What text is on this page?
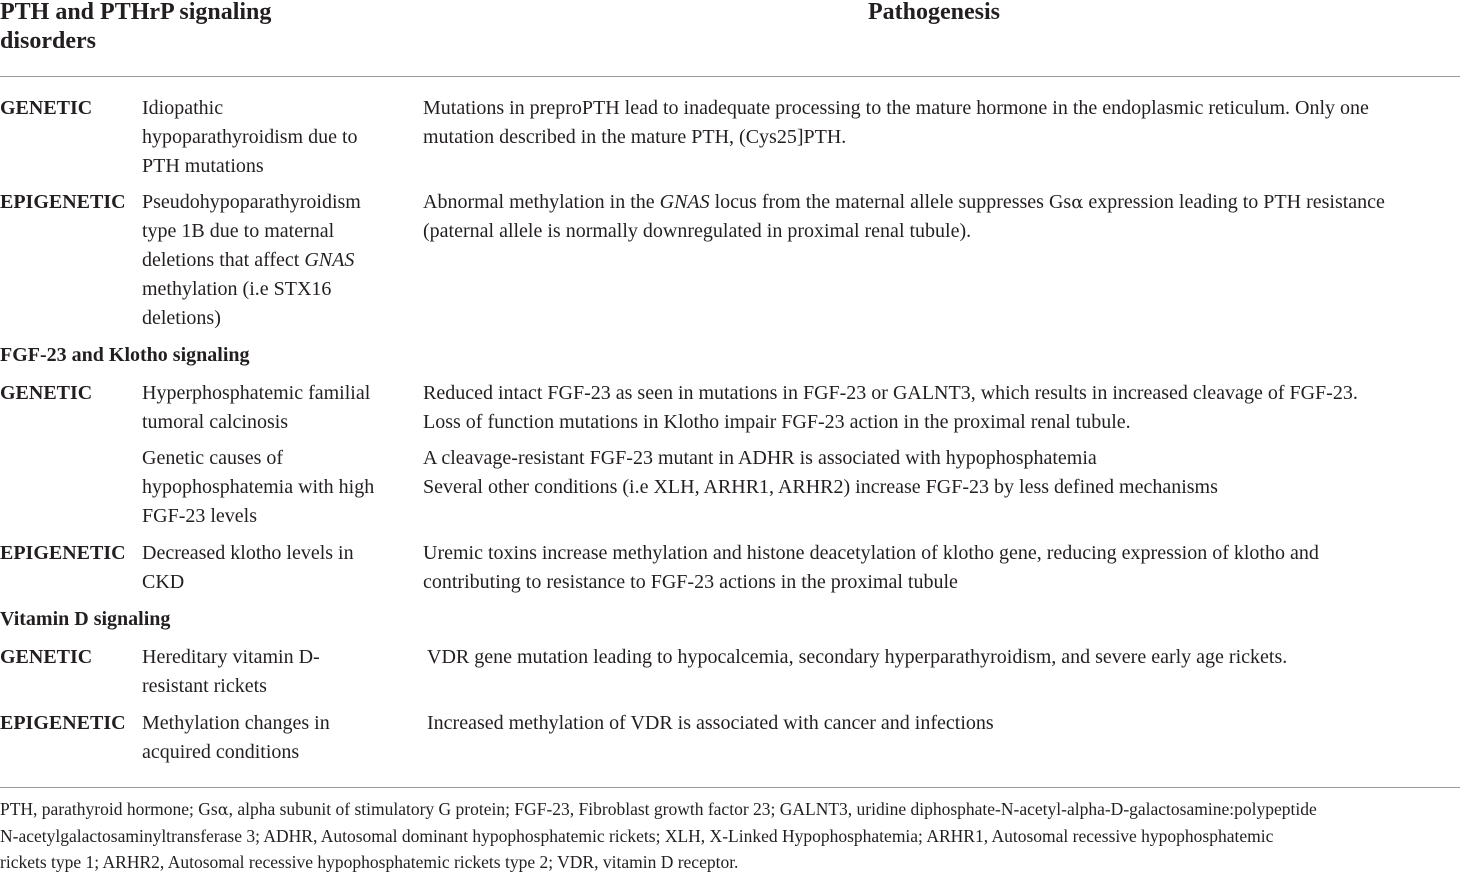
PTH and PTHrP signaling
disorders
Pathogenesis
GENETIC Idiopathic
hypoparathyroidism due to
PTH mutations
Mutations in preproPTH lead to inadequate processing to the mature hormone in the endoplasmic reticulum. Only one
mutation described in the mature PTH, (Cys25]PTH.
EPIGENETIC Pseudohypoparathyroidism
type 1B due to maternal
deletions that affect GNAS
methylation (i.e STX16
deletions)
Abnormal methylation in the GNAS locus from the maternal allele suppresses Gsα expression leading to PTH resistance
(paternal allele is normally downregulated in proximal renal tubule).
FGF-23 and Klotho signaling
GENETIC Hyperphosphatemic familial
tumoral calcinosis
Reduced intact FGF-23 as seen in mutations in FGF-23 or GALNT3, which results in increased cleavage of FGF-23.
Loss of function mutations in Klotho impair FGF-23 action in the proximal renal tubule.
Genetic causes of
hypophosphatemia with high
FGF-23 levels
A cleavage-resistant FGF-23 mutant in ADHR is associated with hypophosphatemia
Several other conditions (i.e XLH, ARHR1, ARHR2) increase FGF-23 by less defined mechanisms
EPIGENETIC Decreased klotho levels in
CKD
Uremic toxins increase methylation and histone deacetylation of klotho gene, reducing expression of klotho and
contributing to resistance to FGF-23 actions in the proximal tubule
Vitamin D signaling
GENETIC Hereditary vitamin D-
resistant rickets
VDR gene mutation leading to hypocalcemia, secondary hyperparathyroidism, and severe early age rickets.
EPIGENETIC Methylation changes in
acquired conditions
Increased methylation of VDR is associated with cancer and infections
PTH, parathyroid hormone; Gsα, alpha subunit of stimulatory G protein; FGF-23, Fibroblast growth factor 23; GALNT3, uridine diphosphate-N-acetyl-alpha-D-galactosamine:polypeptide
N-acetylgalactosaminyltransferase 3; ADHR, Autosomal dominant hypophosphatemic rickets; XLH, X-Linked Hypophosphatemia; ARHR1, Autosomal recessive hypophosphatemic
rickets type 1; ARHR2, Autosomal recessive hypophosphatemic rickets type 2; VDR, vitamin D receptor.
